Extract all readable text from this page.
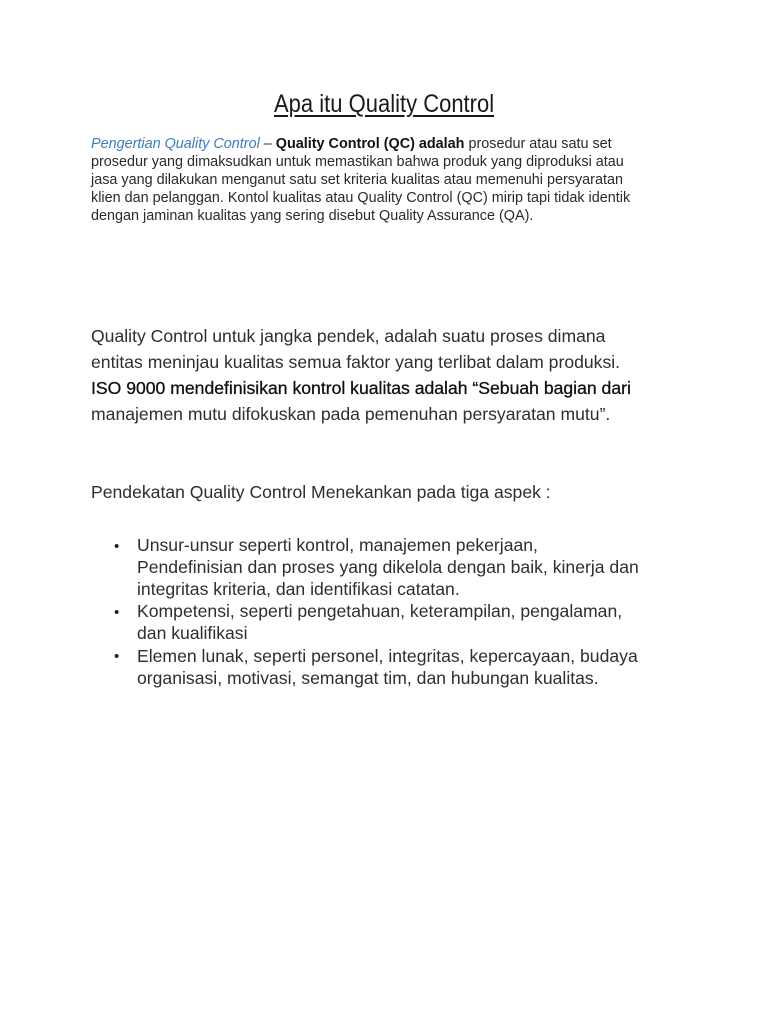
Apa itu Quality Control
Pengertian Quality Control – Quality Control (QC) adalah prosedur atau satu set
prosedur yang dimaksudkan untuk memastikan bahwa produk yang diproduksi atau
jasa yang dilakukan menganut satu set kriteria kualitas atau memenuhi persyaratan
klien dan pelanggan. Kontol kualitas atau Quality Control (QC) mirip tapi tidak identik
dengan jaminan kualitas yang sering disebut Quality Assurance (QA).
Quality Control untuk jangka pendek, adalah suatu proses dimana
entitas meninjau kualitas semua faktor yang terlibat dalam produksi.
ISO 9000 mendefinisikan kontrol kualitas adalah “Sebuah bagian dari
manajemen mutu difokuskan pada pemenuhan persyaratan mutu”.
Pendekatan Quality Control Menekankan pada tiga aspek :
• Unsur-unsur seperti kontrol, manajemen pekerjaan,
Pendefinisian dan proses yang dikelola dengan baik, kinerja dan
integritas kriteria, dan identifikasi catatan.
• Kompetensi, seperti pengetahuan, keterampilan, pengalaman,
dan kualifikasi
• Elemen lunak, seperti personel, integritas, kepercayaan, budaya
organisasi, motivasi, semangat tim, dan hubungan kualitas.
